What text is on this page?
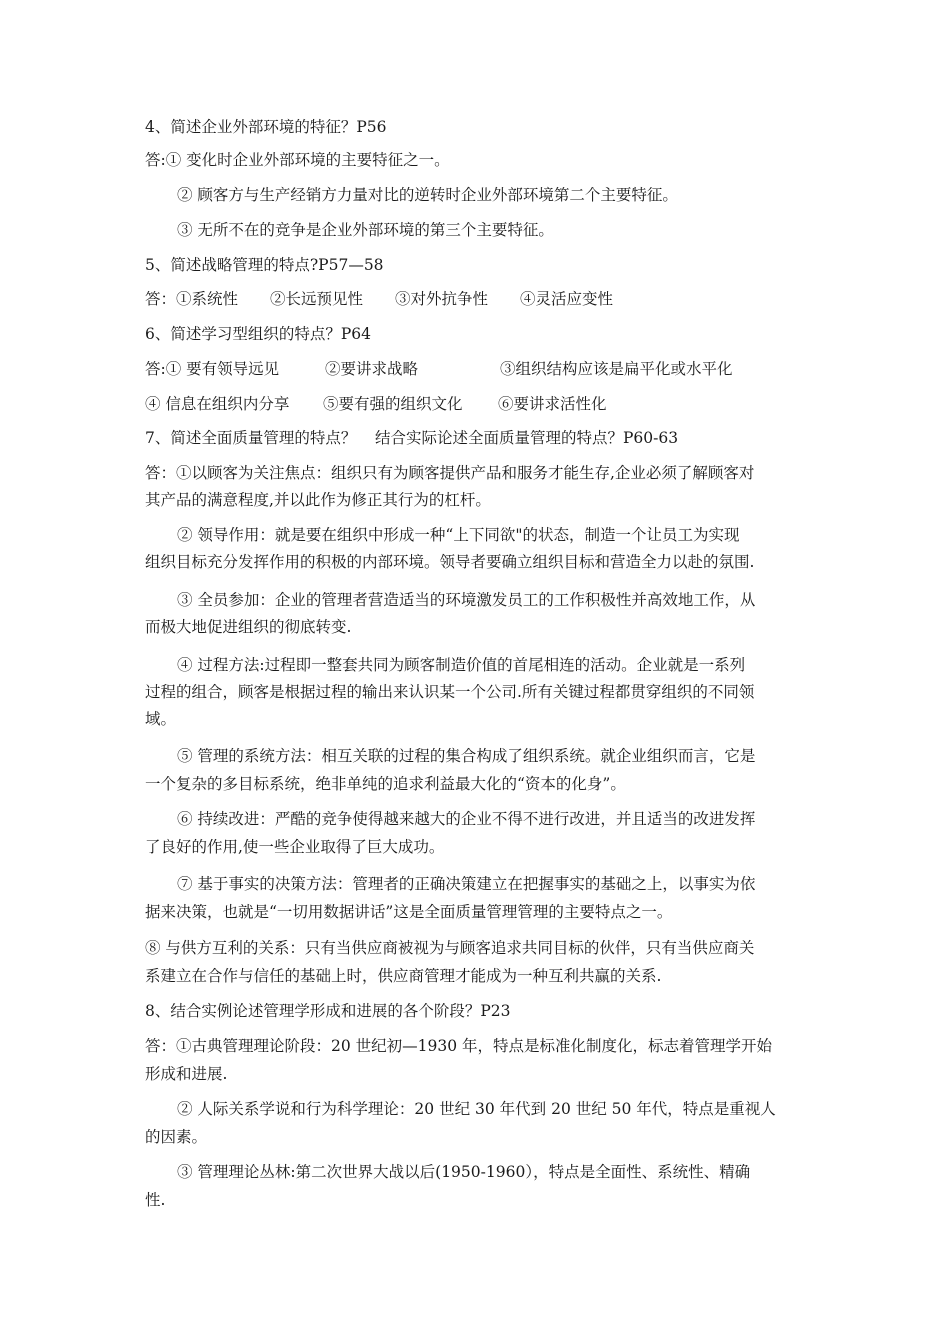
4、简述企业外部环境的特征？P56
答:① 变化时企业外部环境的主要特征之一。
② 顾客方与生产经销方力量对比的逆转时企业外部环境第二个主要特征。
③ 无所不在的竞争是企业外部环境的第三个主要特征。
5、简述战略管理的特点?P57—58
答：①系统性 ②长远预见性 ③对外抗争性 ④灵活应变性
6、简述学习型组织的特点？P64
答:① 要有领导远见	②要讲求战略	③组织结构应该是扁平化或水平化
④ 信息在组织内分享 ⑤要有强的组织文化 ⑥要讲求活性化
7、简述全面质量管理的特点？ 结合实际论述全面质量管理的特点？P60-63
答：①以顾客为关注焦点：组织只有为顾客提供产品和服务才能生存,企业必须了解顾客对
其产品的满意程度,并以此作为修正其行为的杠杆。
② 领导作用：就是要在组织中形成一种“上下同欲"的状态，制造一个让员工为实现
组织目标充分发挥作用的积极的内部环境。领导者要确立组织目标和营造全力以赴的氛围.
③ 全员参加：企业的管理者营造适当的环境激发员工的工作积极性并高效地工作，从
而极大地促进组织的彻底转变.
④ 过程方法:过程即一整套共同为顾客制造价值的首尾相连的活动。企业就是一系列
过程的组合，顾客是根据过程的输出来认识某一个公司.所有关键过程都贯穿组织的不同领
域。
⑤ 管理的系统方法：相互关联的过程的集合构成了组织系统。就企业组织而言，它是
一个复杂的多目标系统，绝非单纯的追求利益最大化的“资本的化身”。
⑥ 持续改进：严酷的竞争使得越来越大的企业不得不进行改进，并且适当的改进发挥
了良好的作用,使一些企业取得了巨大成功。
⑦ 基于事实的决策方法：管理者的正确决策建立在把握事实的基础之上，以事实为依
据来决策，也就是“一切用数据讲话”这是全面质量管理管理的主要特点之一。
⑧ 与供方互利的关系：只有当供应商被视为与顾客追求共同目标的伙伴，只有当供应商关
系建立在合作与信任的基础上时，供应商管理才能成为一种互利共赢的关系.
8、结合实例论述管理学形成和进展的各个阶段？P23
答：①古典管理理论阶段：20 世纪初—1930 年，特点是标准化制度化，标志着管理学开始
形成和进展.
② 人际关系学说和行为科学理论：20 世纪 30 年代到 20 世纪 50 年代，特点是重视人
的因素。
③ 管理理论丛林:第二次世界大战以后(1950-1960），特点是全面性、系统性、精确
性.
